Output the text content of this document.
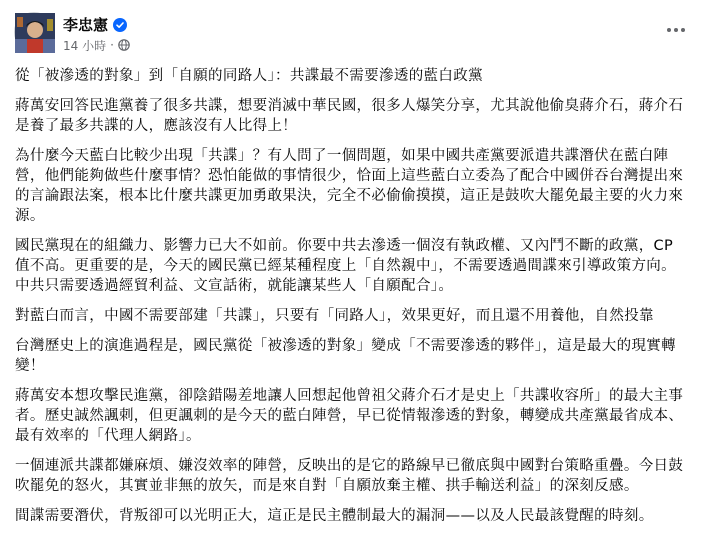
李忠憲
14 小時 ·

從「被滲透的對象」到「自願的同路人」：共諜最不需要滲透的藍白政黨

蔣萬安回答民進黨養了很多共諜，想要消滅中華民國，很多人爆笑分享，尤其說他偷臭蔣介石，蔣介石是養了最多共諜的人，應該沒有人比得上！

為什麼今天藍白比較少出現「共諜」？有人問了一個問題，如果中國共產黨要派遣共諜潛伏在藍白陣營，他們能夠做些什麼事情？恐怕能做的事情很少，恰面上這些藍白立委為了配合中國併吞台灣提出來的言論跟法案，根本比什麼共諜更加勇敢果決，完全不必偷偷摸摸，這正是鼓吹大罷免最主要的火力來源。

國民黨現在的組織力、影響力已大不如前。你要中共去滲透一個沒有執政權、又內鬥不斷的政黨，CP值不高。更重要的是，今天的國民黨已經某種程度上「自然親中」，不需要透過間諜來引導政策方向。中共只需要透過經貿利益、文宣話術，就能讓某些人「自願配合」。

對藍白而言，中國不需要部建「共諜」，只要有「同路人」，效果更好，而且還不用養他，自然投靠

台灣歷史上的演進過程是，國民黨從「被滲透的對象」變成「不需要滲透的夥伴」，這是最大的現實轉變！

蔣萬安本想攻擊民進黨，卻陰錯陽差地讓人回想起他曾祖父蔣介石才是史上「共諜收容所」的最大主事者。歷史誠然諷刺，但更諷刺的是今天的藍白陣營，早已從情報滲透的對象，轉變成共產黨最省成本、最有效率的「代理人網路」。

一個連派共諜都嫌麻煩、嫌沒效率的陣營，反映出的是它的路線早已徹底與中國對台策略重疊。今日鼓吹罷免的怒火，其實並非無的放矢，而是來自對「自願放棄主權、拱手輸送利益」的深刻反感。

間諜需要潛伏，背叛卻可以光明正大，這正是民主體制最大的漏洞——以及人民最該覺醒的時刻。
